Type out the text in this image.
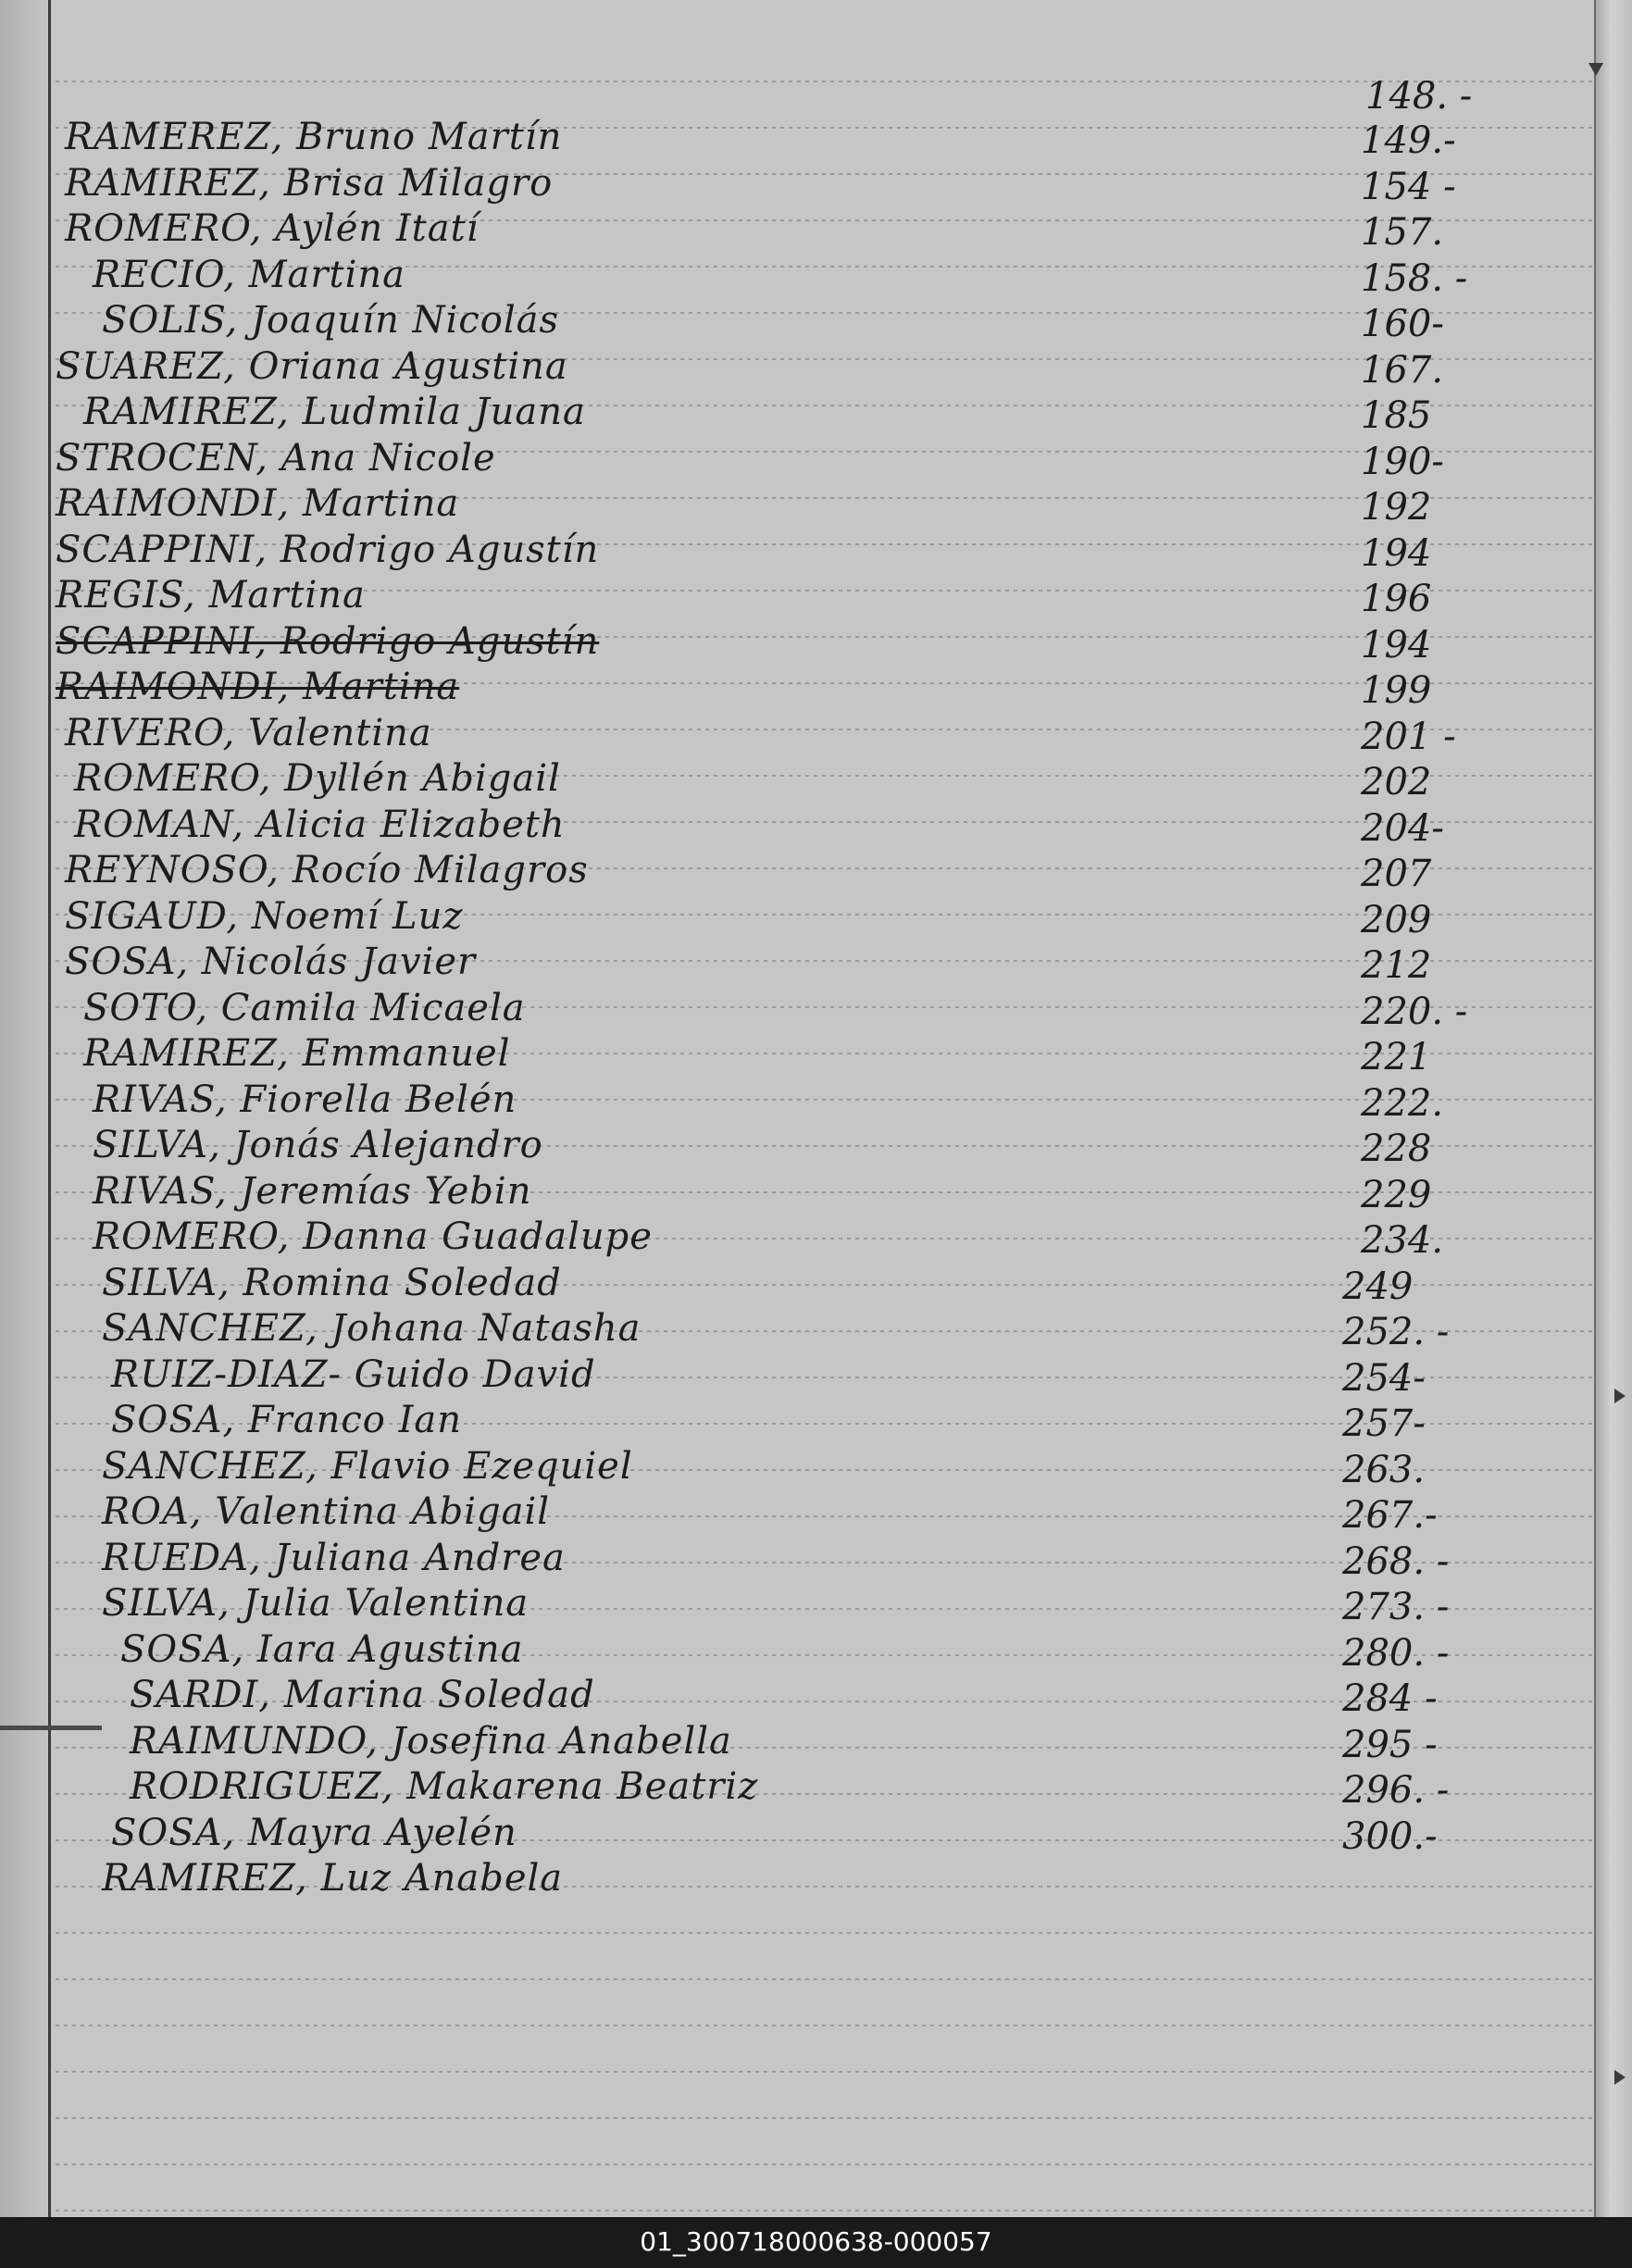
148. -
RAMEREZ, Bruno Martín	149.-
RAMIREZ, Brisa Milagro	154 -
ROMERO, Aylén Itatí	157.
RECIO, Martina	158. -
SOLIS, Joaquín Nicolás	160-
SUAREZ, Oriana Agustina	167.
RAMIREZ, Ludmila Juana	185
STROCEN, Ana Nicole	190-
RAIMONDI, Martina	192
SCAPPINI, Rodrigo Agustín	194
REGIS, Martina	196
SCAPPINI, Rodrigo Agustín	194
RAIMONDI, Martina	199
RIVERO, Valentina	201 -
ROMERO, Dyllén Abigail	202
ROMAN, Alicia Elizabeth	204-
REYNOSO, Rocío Milagros	207
SIGAUD, Noemí Luz	209
SOSA, Nicolás Javier	212
SOTO, Camila Micaela	220. -
RAMIREZ, Emmanuel	221
RIVAS, Fiorella Belén	222.
SILVA, Jonás Alejandro	228
RIVAS, Jeremías Yebin	229
ROMERO, Danna Guadalupe	234.
SILVA, Romina Soledad	249
SANCHEZ, Johana Natasha	252. -
RUIZ-DIAZ- Guido David	254-
SOSA, Franco Ian	257-
SANCHEZ, Flavio Ezequiel	263.
ROA, Valentina Abigail	267.-
RUEDA, Juliana Andrea	268. -
SILVA, Julia Valentina	273. -
SOSA, Iara Agustina	280. -
SARDI, Marina Soledad	284 -
RAIMUNDO, Josefina Anabella	295 -
RODRIGUEZ, Makarena Beatriz	296. -
SOSA, Mayra Ayelén	300.-
RAMIREZ, Luz Anabela
01_300718000638-000057
